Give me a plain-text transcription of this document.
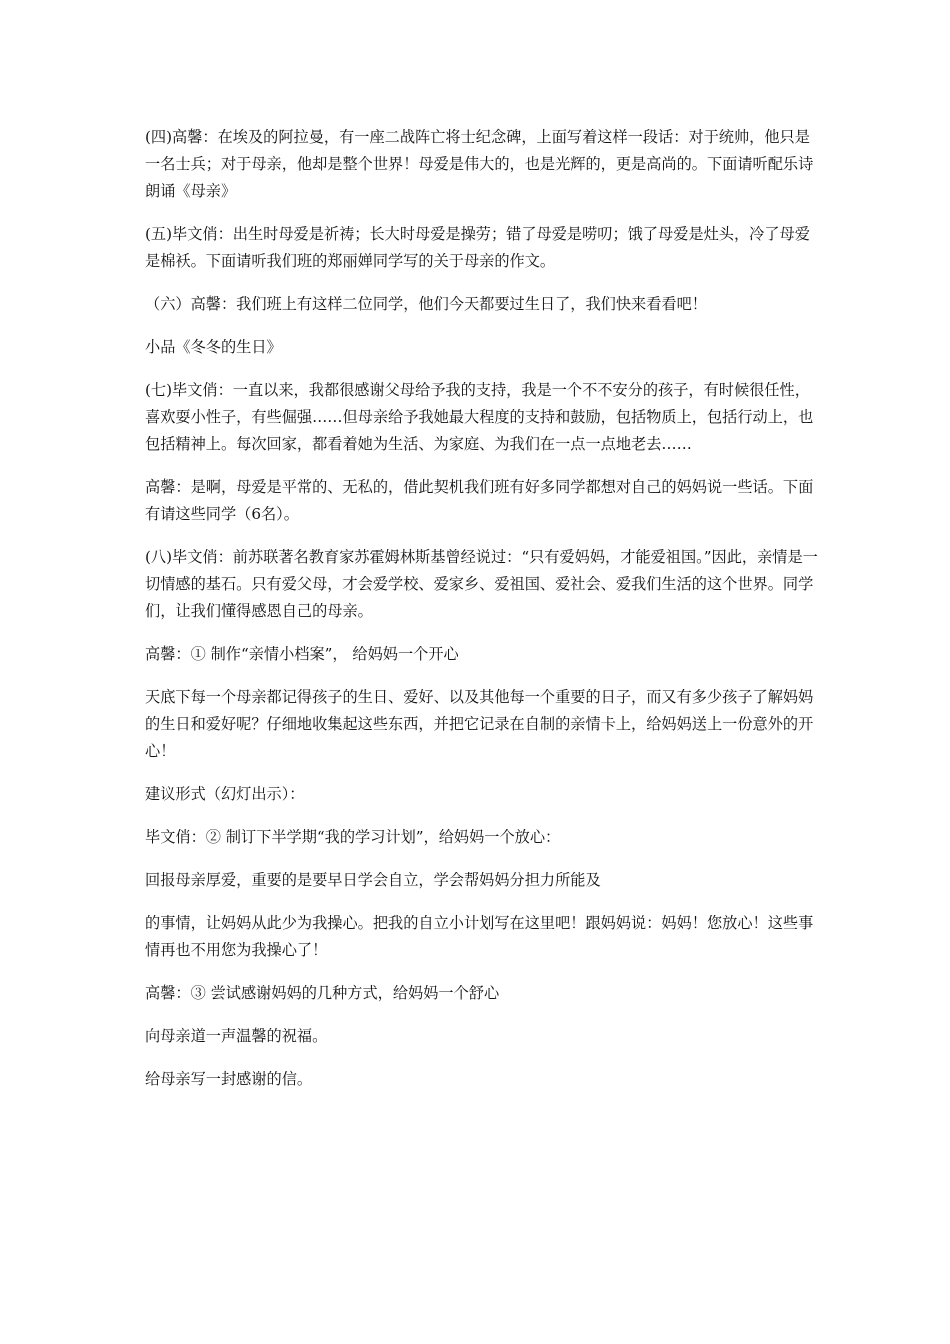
(四)高馨：在埃及的阿拉曼，有一座二战阵亡将士纪念碑，上面写着这样一段话：对于统帅，他只是一名士兵；对于母亲，他却是整个世界！母爱是伟大的，也是光辉的，更是高尚的。下面请听配乐诗朗诵《母亲》

(五)毕文俏：出生时母爱是祈祷；长大时母爱是操劳；错了母爱是唠叨；饿了母爱是灶头，冷了母爱是棉袄。下面请听我们班的郑丽婵同学写的关于母亲的作文。

（六）高馨：我们班上有这样二位同学，他们今天都要过生日了，我们快来看看吧！

小品《冬冬的生日》

(七)毕文俏：一直以来，我都很感谢父母给予我的支持，我是一个不不安分的孩子，有时候很任性，喜欢耍小性子，有些倔强……但母亲给予我她最大程度的支持和鼓励，包括物质上，包括行动上，也包括精神上。每次回家，都看着她为生活、为家庭、为我们在一点一点地老去……

高馨：是啊，母爱是平常的、无私的，借此契机我们班有好多同学都想对自己的妈妈说一些话。下面有请这些同学（6名）。

(八)毕文俏：前苏联著名教育家苏霍姆林斯基曾经说过：“只有爱妈妈，才能爱祖国。”因此，亲情是一切情感的基石。只有爱父母，才会爱学校、爱家乡、爱祖国、爱社会、爱我们生活的这个世界。同学们，让我们懂得感恩自己的母亲。

高馨：① 制作“亲情小档案”， 给妈妈一个开心

天底下每一个母亲都记得孩子的生日、爱好、以及其他每一个重要的日子，而又有多少孩子了解妈妈的生日和爱好呢？仔细地收集起这些东西，并把它记录在自制的亲情卡上，给妈妈送上一份意外的开心！

建议形式（幻灯出示）：

毕文俏：② 制订下半学期“我的学习计划”，给妈妈一个放心：

回报母亲厚爱，重要的是要早日学会自立，学会帮妈妈分担力所能及

的事情，让妈妈从此少为我操心。把我的自立小计划写在这里吧！跟妈妈说：妈妈！您放心！这些事情再也不用您为我操心了！

高馨：③ 尝试感谢妈妈的几种方式，给妈妈一个舒心

向母亲道一声温馨的祝福。

给母亲写一封感谢的信。
